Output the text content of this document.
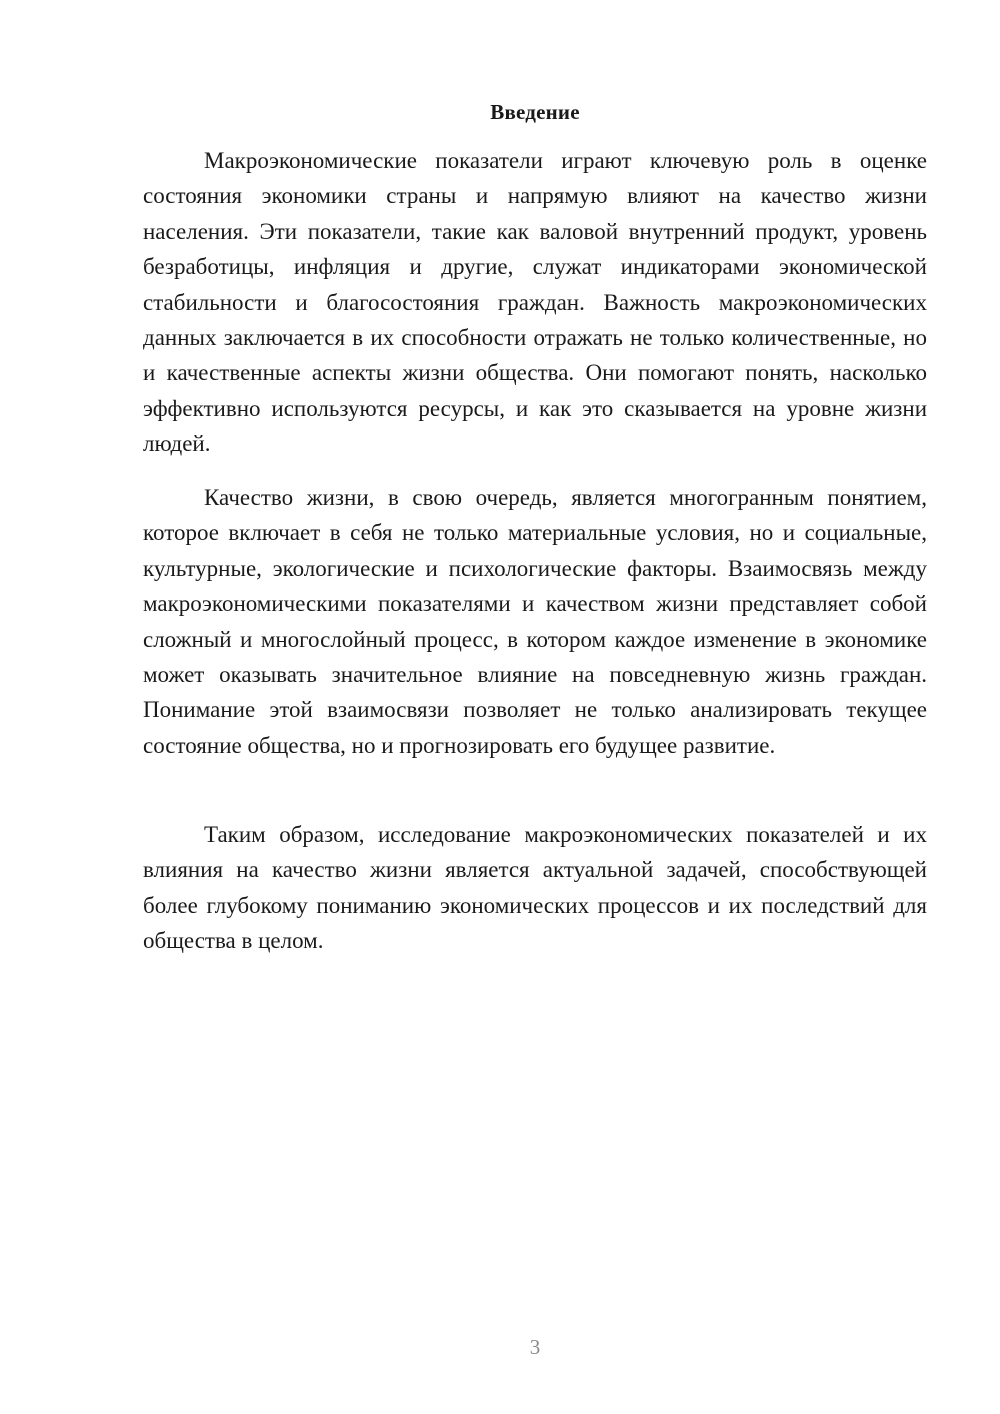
Введение

Макроэкономические показатели играют ключевую роль в оценке состояния экономики страны и напрямую влияют на качество жизни населения. Эти показатели, такие как валовой внутренний продукт, уровень безработицы, инфляция и другие, служат индикаторами экономической стабильности и благосостояния граждан. Важность макроэкономических данных заключается в их способности отражать не только количественные, но и качественные аспекты жизни общества. Они помогают понять, насколько эффективно используются ресурсы, и как это сказывается на уровне жизни людей.

Качество жизни, в свою очередь, является многогранным понятием, которое включает в себя не только материальные условия, но и социальные, культурные, экологические и психологические факторы. Взаимосвязь между макроэкономическими показателями и качеством жизни представляет собой сложный и многослойный процесс, в котором каждое изменение в экономике может оказывать значительное влияние на повседневную жизнь граждан. Понимание этой взаимосвязи позволяет не только анализировать текущее состояние общества, но и прогнозировать его будущее развитие.

Таким образом, исследование макроэкономических показателей и их влияния на качество жизни является актуальной задачей, способствующей более глубокому пониманию экономических процессов и их последствий для общества в целом.

3
